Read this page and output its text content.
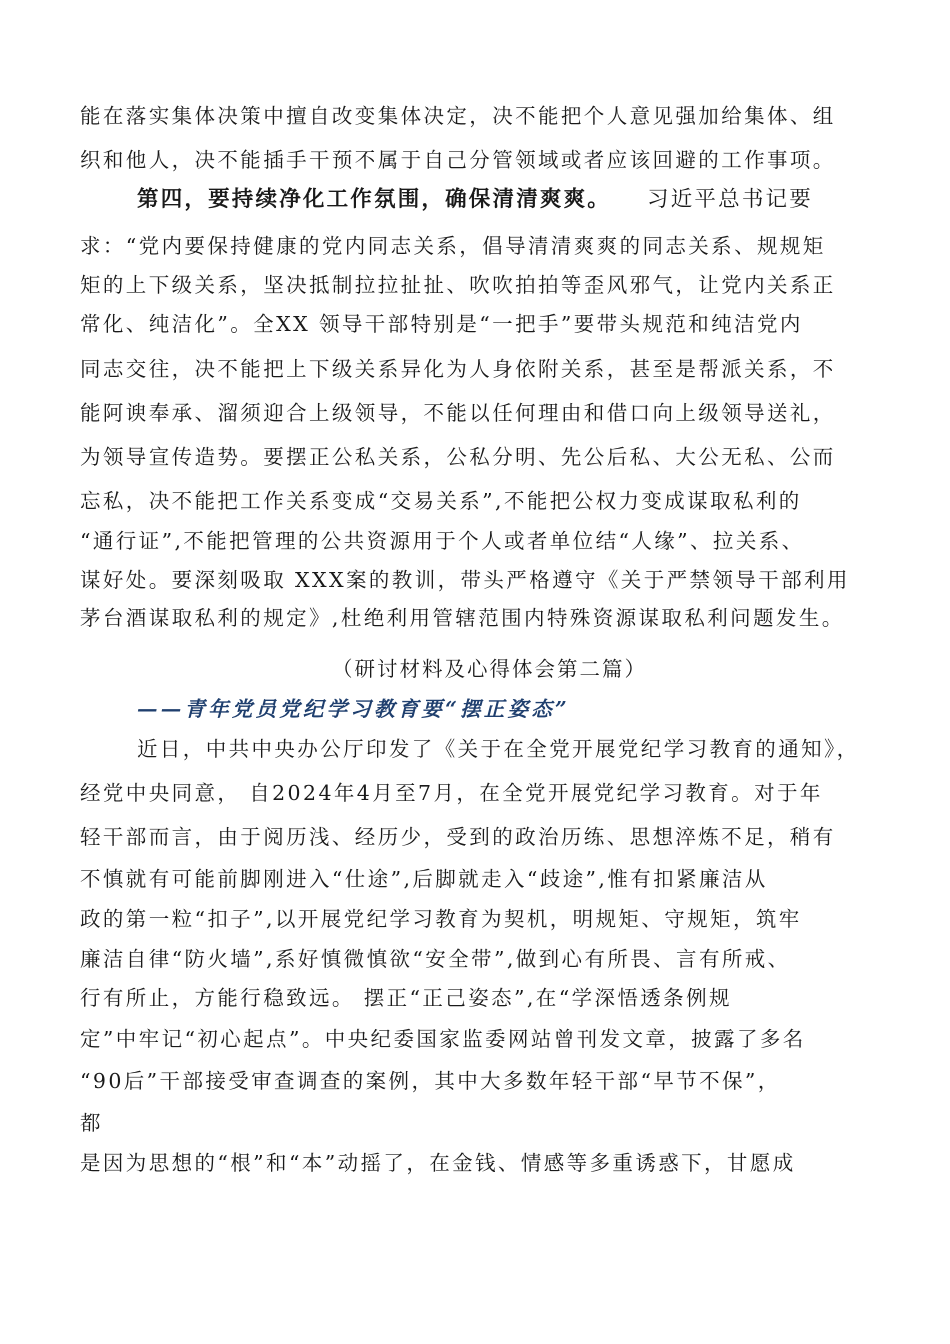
能在落实集体决策中擅自改变集体决定，决不能把个人意见强加给集体、组
织和他人，决不能插手干预不属于自己分管领域或者应该回避的工作事项。
第四，要持续净化工作氛围，确保清清爽爽。 习近平总书记要
求：“党内要保持健康的党内同志关系，倡导清清爽爽的同志关系、规规矩
矩的上下级关系，坚决抵制拉拉扯扯、吹吹拍拍等歪风邪气，让党内关系正
常化、纯洁化”。全XX 领导干部特别是“一把手”要带头规范和纯洁党内
同志交往，决不能把上下级关系异化为人身依附关系，甚至是帮派关系，不
能阿谀奉承、溜须迎合上级领导，不能以任何理由和借口向上级领导送礼，
为领导宣传造势。要摆正公私关系，公私分明、先公后私、大公无私、公而
忘私，决不能把工作关系变成“交易关系”,不能把公权力变成谋取私利的
“通行证”,不能把管理的公共资源用于个人或者单位结“人缘”、拉关系、
谋好处。要深刻吸取 XXX案的教训，带头严格遵守《关于严禁领导干部利用
茅台酒谋取私利的规定》,杜绝利用管辖范围内特殊资源谋取私利问题发生。
（研讨材料及心得体会第二篇）
——青年党员党纪学习教育要“摆正姿态”
近日，中共中央办公厅印发了《关于在全党开展党纪学习教育的通知》，
经党中央同意， 自2024年4月至7月，在全党开展党纪学习教育。对于年
轻干部而言，由于阅历浅、经历少，受到的政治历练、思想淬炼不足，稍有
不慎就有可能前脚刚进入“仕途”,后脚就走入“歧途”,惟有扣紧廉洁从
政的第一粒“扣子”,以开展党纪学习教育为契机，明规矩、守规矩，筑牢
廉洁自律“防火墙”,系好慎微慎欲“安全带”,做到心有所畏、言有所戒、
行有所止，方能行稳致远。 摆正“正己姿态”,在“学深悟透条例规
定”中牢记“初心起点”。中央纪委国家监委网站曾刊发文章，披露了多名
“90后”干部接受审查调查的案例，其中大多数年轻干部“早节不保”，
都
是因为思想的“根”和“本”动摇了，在金钱、情感等多重诱惑下，甘愿成
